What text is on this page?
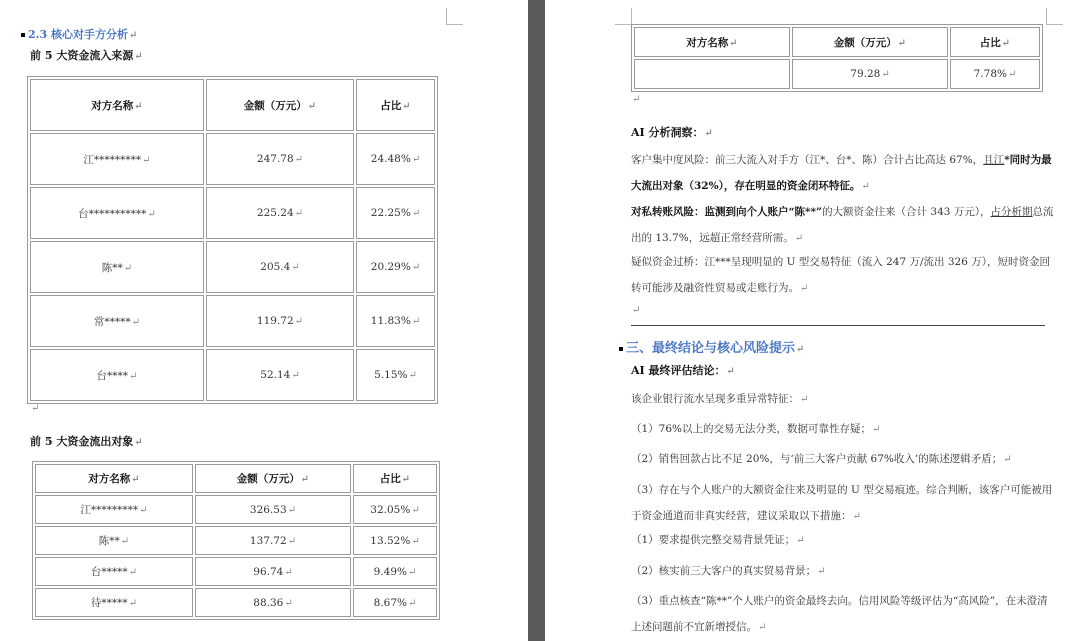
2.3 核心对手方分析↵
前 5 大资金流入来源↵
对方名称↵	金额（万元）↵	占比↵
江*********↵	247.78↵	24.48%↵
台***********↵	225.24↵	22.25%↵
陈**↵	205.4↵	20.29%↵
常*****↵	119.72↵	11.83%↵
台****↵	52.14↵	5.15%↵
↵
前 5 大资金流出对象↵
对方名称↵	金额（万元）↵	占比↵
江*********↵	326.53↵	32.05%↵
陈**↵	137.72↵	13.52%↵
台*****↵	96.74↵	9.49%↵
待*****↵	88.36↵	8.67%↵
对方名称↵	金额（万元）↵	占比↵
	79.28↵	7.78%↵
↵
AI 分析洞察：↵
客户集中度风险：前三大流入对手方（江*、台*、陈）合计占比高达 67%，且江*同时为最大流出对象（32%），存在明显的资金闭环特征。↵
对私转账风险：监测到向个人账户“陈**”的大额资金往来（合计 343 万元），占分析期总流出的 13.7%，远超正常经营所需。↵
疑似资金过桥：江***呈现明显的 U 型交易特征（流入 247 万/流出 326 万），短时资金回转可能涉及融资性贸易或走账行为。↵
↵
三、最终结论与核心风险提示↵
AI 最终评估结论：↵
该企业银行流水呈现多重异常特征：↵
（1）76%以上的交易无法分类，数据可靠性存疑；↵
（2）销售回款占比不足 20%，与‘前三大客户贡献 67%收入’的陈述逻辑矛盾；↵
（3）存在与个人账户的大额资金往来及明显的 U 型交易痕迹。综合判断，该客户可能被用于资金通道而非真实经营，建议采取以下措施：↵
（1）要求提供完整交易背景凭证；↵
（2）核实前三大客户的真实贸易背景；↵
（3）重点核查“陈**”个人账户的资金最终去向。信用风险等级评估为“高风险”，在未澄清上述问题前不宜新增授信。↵
